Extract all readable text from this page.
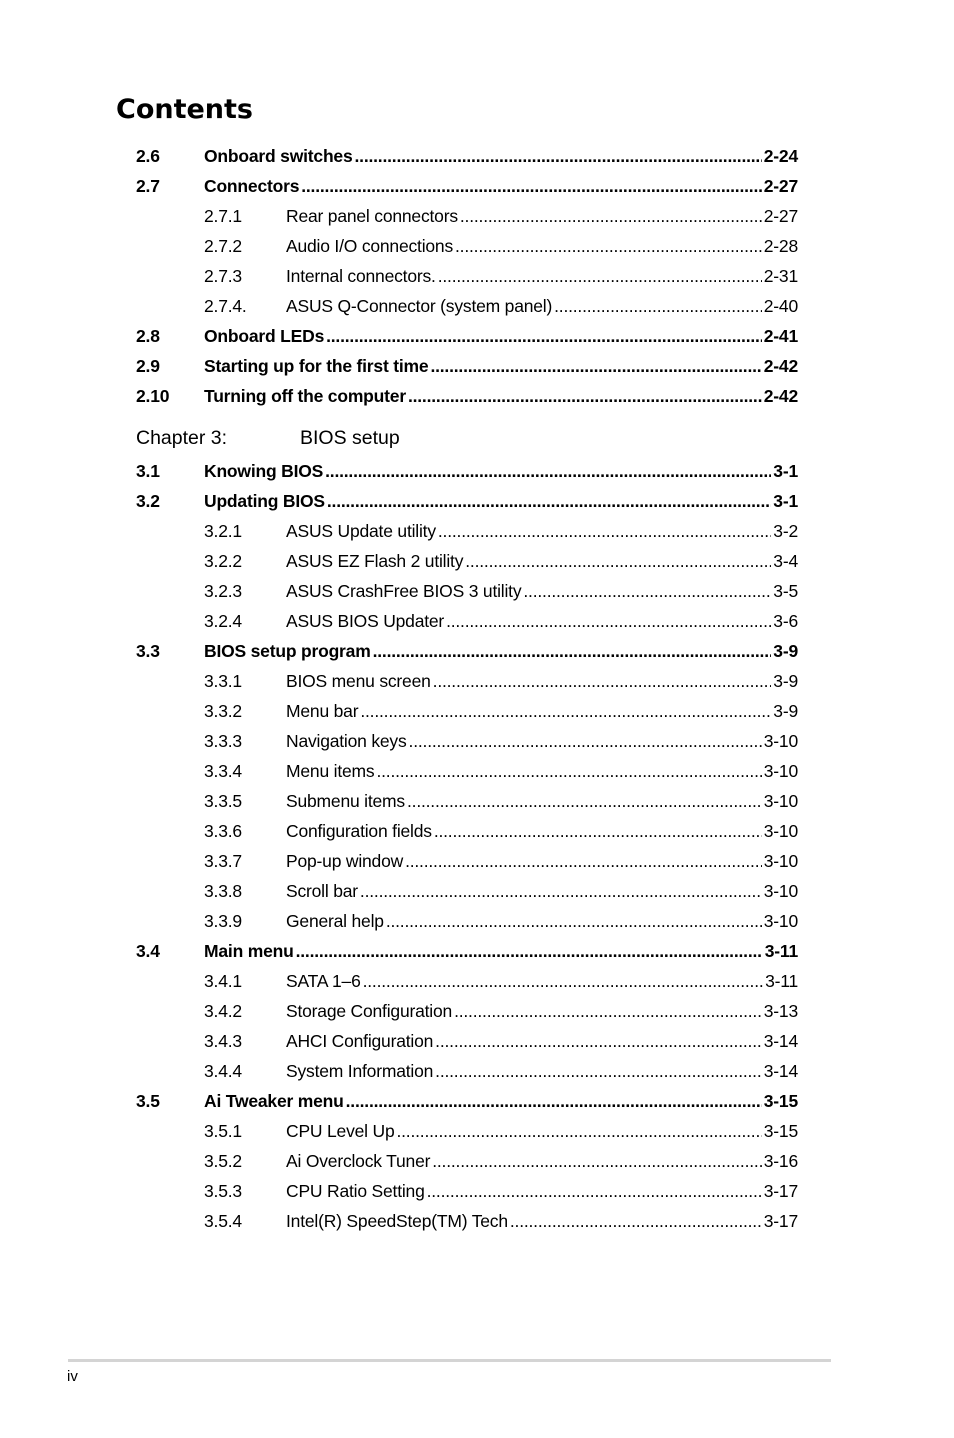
Contents
2.6	Onboard switches .....	2-24
2.7	Connectors .....	2-27
2.7.1	Rear panel connectors .....	2-27
2.7.2	Audio I/O connections .....	2-28
2.7.3	Internal connectors. .....	2-31
2.7.4. ASUS Q-Connector (system panel) .....	2-40
2.8	Onboard LEDs .....	2-41
2.9	Starting up for the first time .....	2-42
2.10 Turning off the computer .....	2-42
Chapter 3:	BIOS setup
3.1	Knowing BIOS .....	3-1
3.2	Updating BIOS .....	3-1
3.2.1	ASUS Update utility .....	3-2
3.2.2	ASUS EZ Flash 2 utility .....	3-4
3.2.3	ASUS CrashFree BIOS 3 utility .....	3-5
3.2.4	ASUS BIOS Updater .....	3-6
3.3	BIOS setup program .....	3-9
3.3.1	BIOS menu screen .....	3-9
3.3.2	Menu bar .....	3-9
3.3.3	Navigation keys .....	3-10
3.3.4	Menu items .....	3-10
3.3.5	Submenu items .....	3-10
3.3.6	Configuration fields .....	3-10
3.3.7	Pop-up window .....	3-10
3.3.8	Scroll bar .....	3-10
3.3.9	General help .....	3-10
3.4	Main menu .....	3-11
3.4.1	SATA 1–6 .....	3-11
3.4.2	Storage Configuration .....	3-13
3.4.3	AHCI Configuration .....	3-14
3.4.4	System Information .....	3-14
3.5	Ai Tweaker menu .....	3-15
3.5.1	CPU Level Up .....	3-15
3.5.2	Ai Overclock Tuner .....	3-16
3.5.3	CPU Ratio Setting .....	3-17
3.5.4	Intel(R) SpeedStep(TM) Tech .....	3-17
iv
